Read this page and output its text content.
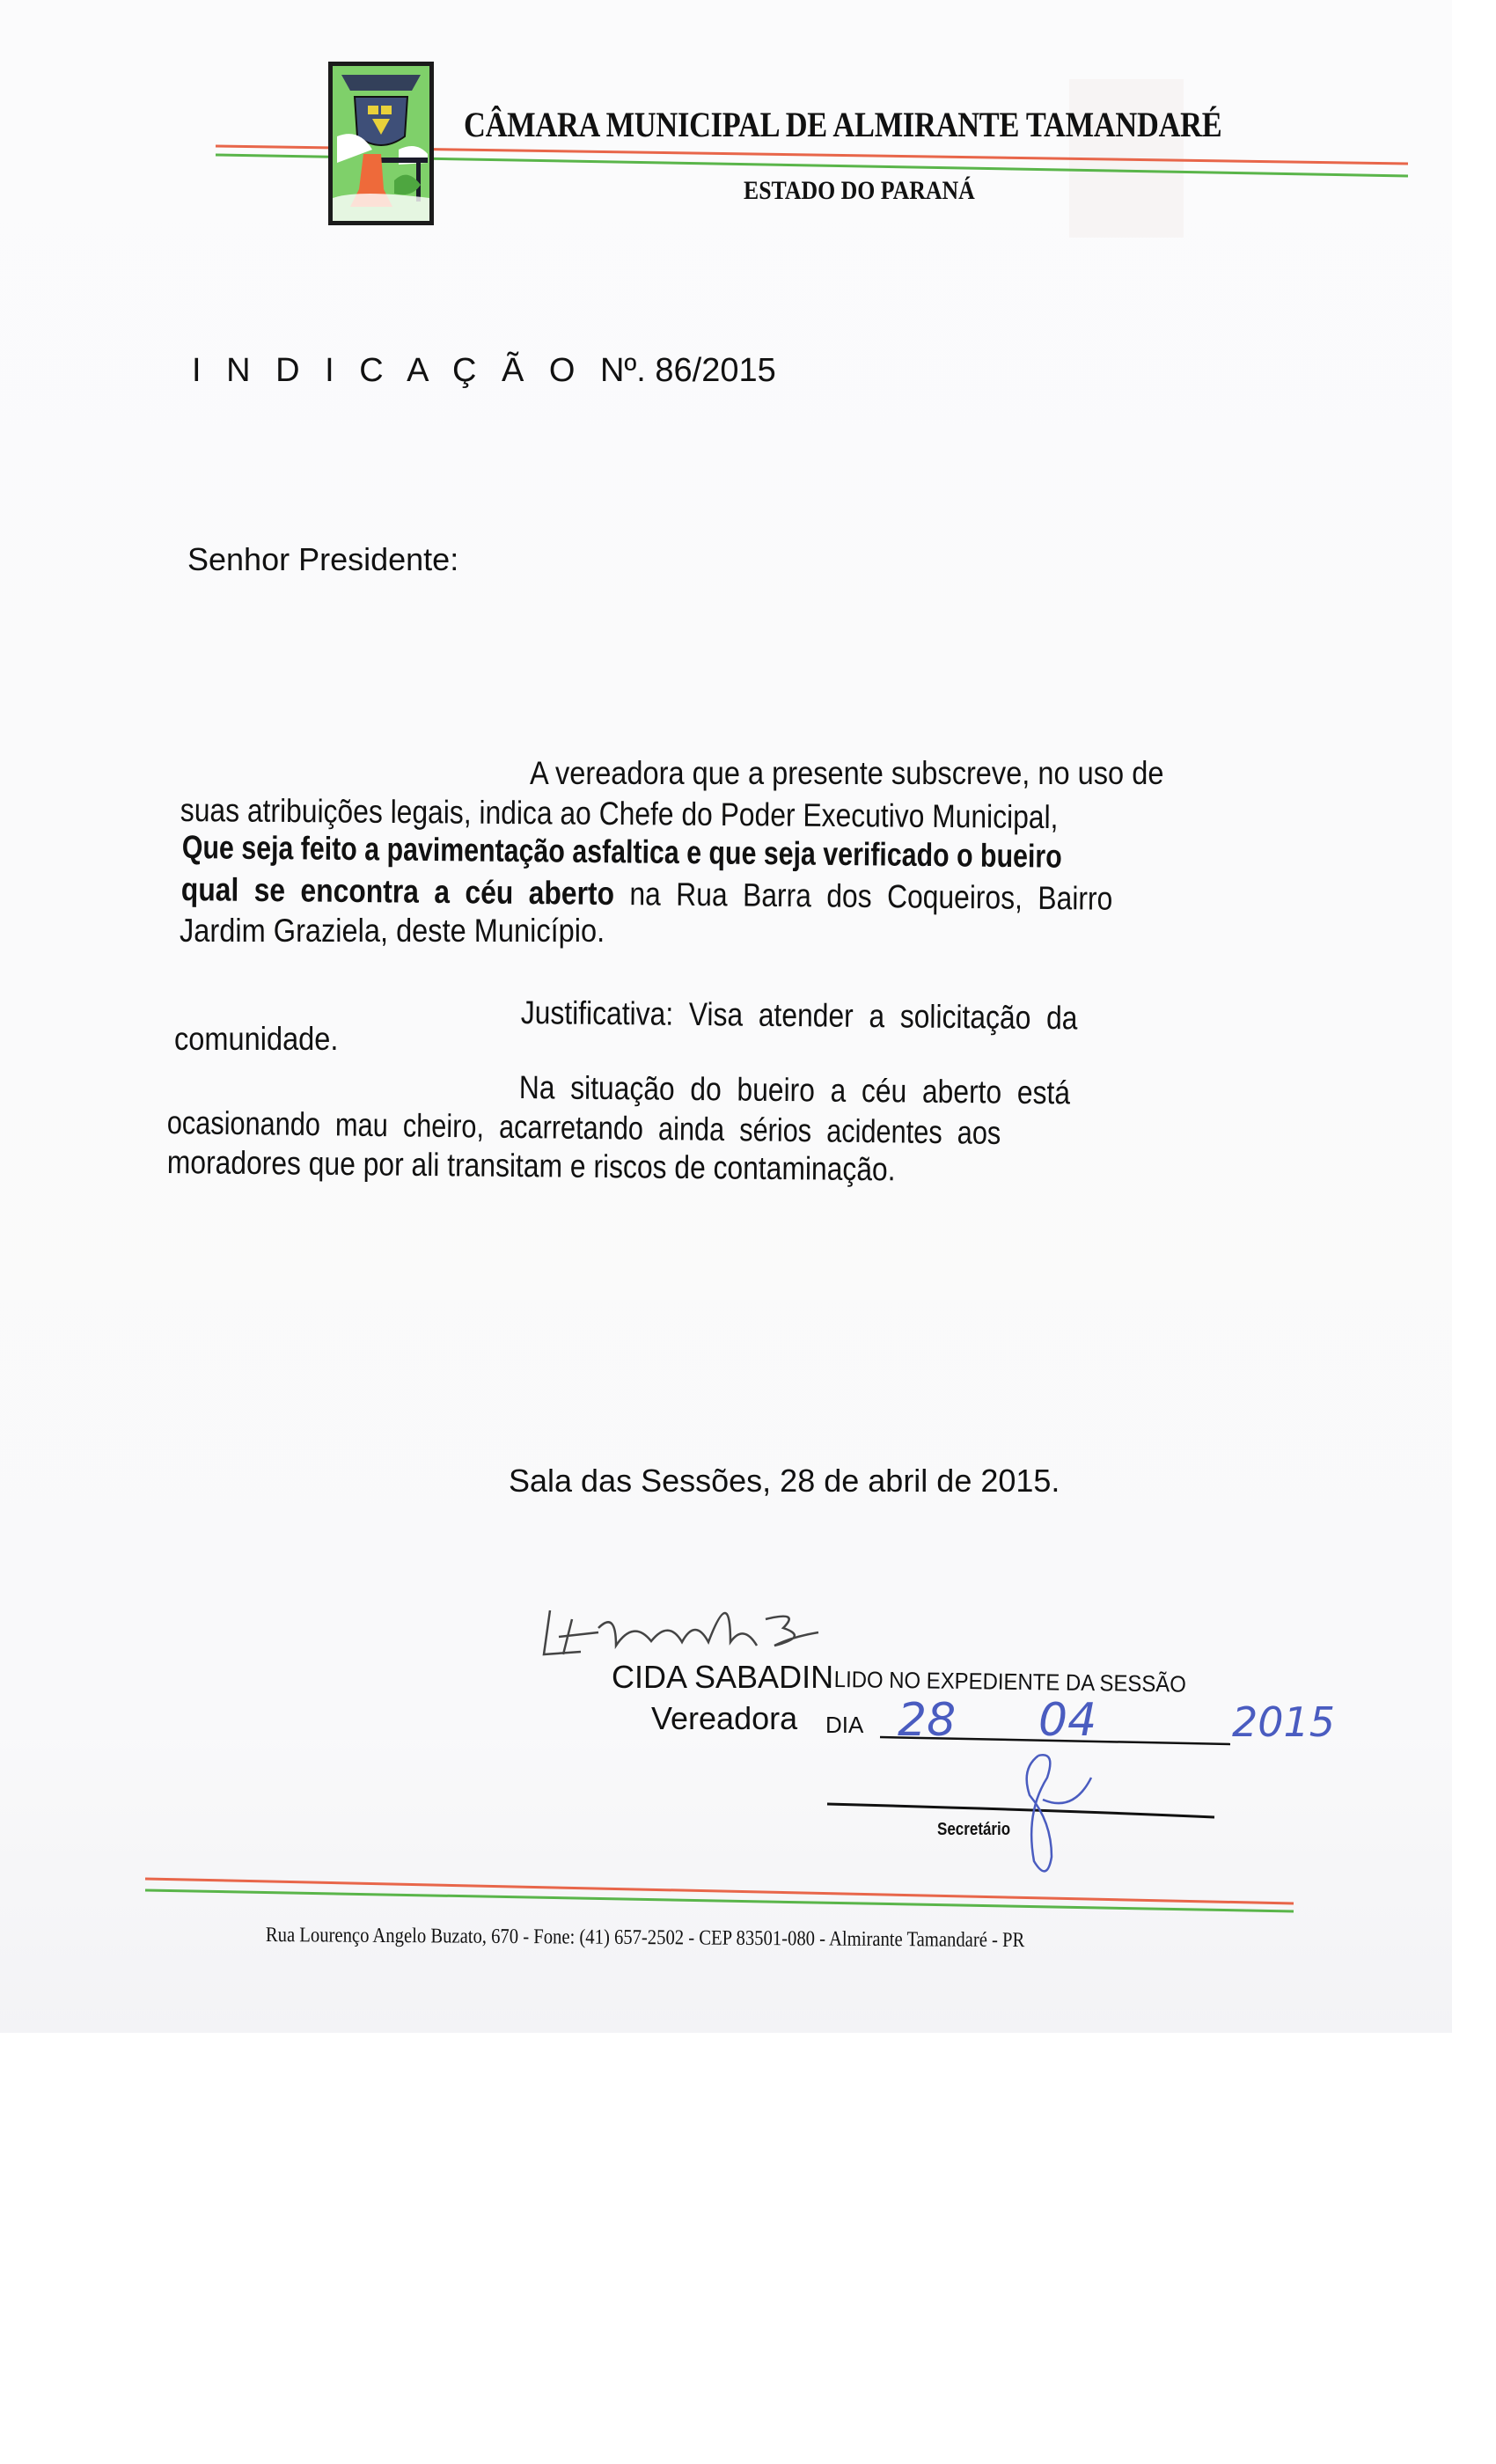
CÂMARA MUNICIPAL DE ALMIRANTE TAMANDARÉ
ESTADO DO PARANÁ
I N D I C A Ç Ã O Nº. 86/2015
Senhor Presidente:
A vereadora que a presente subscreve, no uso de
suas atribuições legais, indica ao Chefe do Poder Executivo Municipal,
Que seja feito a pavimentação asfaltica e que seja verificado o bueiro
qual se encontra a céu aberto na Rua Barra dos Coqueiros, Bairro
Jardim Graziela, deste Município.
Justificativa:  Visa  atender  a  solicitação  da
comunidade.
Na  situação  do  bueiro  a  céu  aberto  está
ocasionando  mau  cheiro,  acarretando  ainda  sérios  acidentes  aos
moradores que por ali transitam e riscos de contaminação.
Sala das Sessões, 28 de abril de 2015.
CIDA SABADIN
Vereadora
LIDO NO EXPEDIENTE DA SESSÃO
DIA 28 04	2015
Secretário
Rua Lourenço Angelo Buzato, 670 - Fone: (41) 657-2502 - CEP 83501-080 - Almirante Tamandaré - PR
